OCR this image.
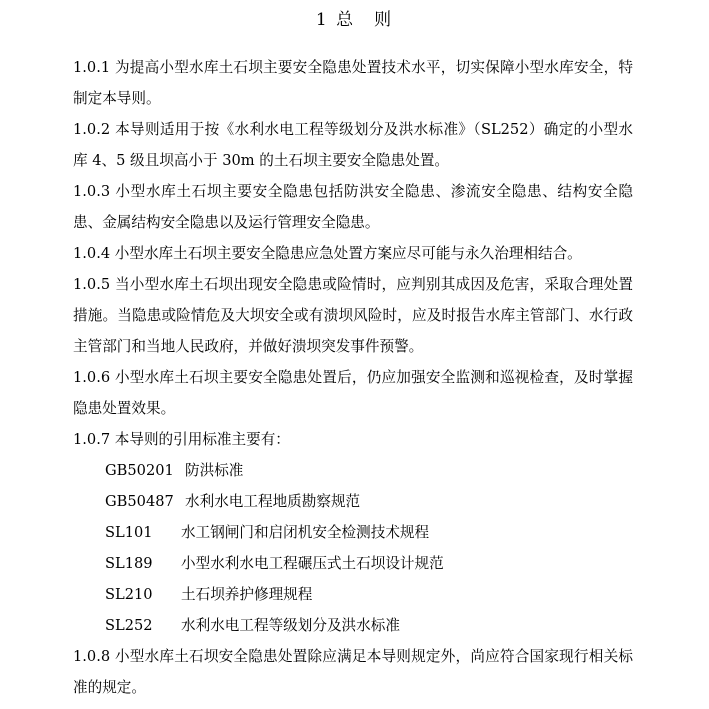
1 总　则

1.0.1 为提高小型水库土石坝主要安全隐患处置技术水平，切实保障小型水库安全，特制定本导则。

1.0.2 本导则适用于按《水利水电工程等级划分及洪水标准》（SL252）确定的小型水库 4、5 级且坝高小于 30m 的土石坝主要安全隐患处置。

1.0.3 小型水库土石坝主要安全隐患包括防洪安全隐患、渗流安全隐患、结构安全隐患、金属结构安全隐患以及运行管理安全隐患。

1.0.4 小型水库土石坝主要安全隐患应急处置方案应尽可能与永久治理相结合。

1.0.5 当小型水库土石坝出现安全隐患或险情时，应判别其成因及危害，采取合理处置措施。当隐患或险情危及大坝安全或有溃坝风险时，应及时报告水库主管部门、水行政主管部门和当地人民政府，并做好溃坝突发事件预警。

1.0.6 小型水库土石坝主要安全隐患处置后，仍应加强安全监测和巡视检查，及时掌握隐患处置效果。

1.0.7 本导则的引用标准主要有：

GB50201 防洪标准
GB50487 水利水电工程地质勘察规范
SL101	水工钢闸门和启闭机安全检测技术规程
SL189	小型水利水电工程碾压式土石坝设计规范
SL210	土石坝养护修理规程
SL252	水利水电工程等级划分及洪水标准

1.0.8 小型水库土石坝安全隐患处置除应满足本导则规定外，尚应符合国家现行相关标准的规定。
